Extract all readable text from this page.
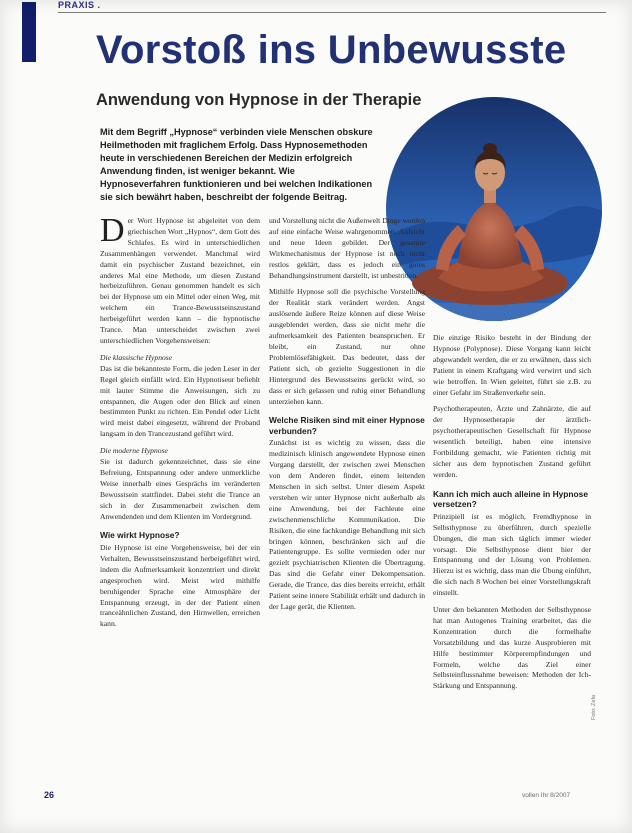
PRAXIS .
Vorstoß ins Unbewusste
Anwendung von Hypnose in der Therapie

Mit dem Begriff „Hypnose“ verbinden viele Menschen obskure Heilmethoden mit fraglichem Erfolg. Dass Hypnosemethoden heute in verschiedenen Bereichen der Medizin erfolgreich Anwendung finden, ist weniger bekannt. Wie Hypnoseverfahren funktionieren und bei welchen Indikationen sie sich bewährt haben, beschreibt der folgende Beitrag.

D er Wort Hypnose ist abgeleitet von dem griechischen Wort „Hypnos“, dem Gott des Schlafes. Es wird in unterschiedlichen Zusammenhängen verwendet. Manchmal wird damit ein psychischer Zustand bezeichnet, ein anderes Mal eine Methode, um diesen Zustand herbeizuführen. Genau genommen handelt es sich bei der Hypnose um ein Mittel oder einen Weg, mit welchem ein Trance-Bewusstseinszustand herbeigeführt werden kann – die hypnotische Trance. Man unterscheidet zwischen zwei unterschiedlichen Vorgehensweisen:

Die klassische Hypnose

Das ist die bekannteste Form, die jeden Leser in der Regel gleich einfällt wird. Ein Hypnotiseur befiehlt mit lauter Stimme die Anweisungen, sich zu entspannen, die Augen oder den Blick auf einen bestimmten Punkt zu richten. Ein Pendel oder Licht wird meist dabei eingesetzt, während der Proband langsam in den Trancezustand geführt wird.

Die moderne Hypnose

Sie ist dadurch gekennzeichnet, dass sie eine Befreiung, Entspannung oder andere unmerkliche Weise innerhalb eines Gesprächs im veränderten Bewusstsein stattfindet. Dabei steht die Trance an sich in der Zusammenarbeit zwischen dem Anwendenden und dem Klienten im Vordergrund.

Wie wirkt Hypnose?

Die Hypnose ist eine Vorgehensweise, bei der ein Verhalten, Bewusstseinszustand herbeigeführt wird, indem die Aufmerksamkeit konzentriert und direkt angesprochen wird. Meist wird mithilfe beruhigender Sprache eine Atmosphäre der Entspannung erzeugt, in der der Patient einen tranceähnlichen Zustand, den Hirnwellen, erreichen kann.

und Vorstellung nicht die Außenwelt Dinge werden auf eine einfache Weise wahrgenommen, Aufsicht und neue Ideen gebildet. Der gesamte Wirkmechanismus der Hypnose ist noch nicht restlos geklärt, dass es jedoch ein gutes Behandlungsinstrument darstellt, ist unbestritten.

Mithilfe Hypnose soll die psychische Vorstellung der Realität stark verändert werden. Angst auslösende äußere Reize können auf diese Weise ausgeblendet werden, dass sie nicht mehr die aufmerksamkeit des Patienten beanspruchen. Er bleibt, ein Zustand, nur ohne Problemlösefähigkeit. Das bedeutet, dass der Patient sich, ob gezielte Suggestionen in die Hintergrund des Bewusstseins gerückt wird, so dass er sich gelassen und ruhig einer Behandlung unterziehen kann.

Welche Risiken sind mit einer Hypnose verbunden?

Zunächst ist es wichtig zu wissen, dass die medizinisch klinisch angewendete Hypnose einen Vorgang darstellt, der zwischen zwei Menschen von dem Anderen findet, einem leitenden Menschen in sich selbst. Unter diesem Aspekt verstehen wir unter Hypnose nicht außerhalb als eine Anwendung, bei der Fachleute eine zwischenmenschliche Kommunikation. Die Risiken, die eine fachkundige Behandlung mit sich bringen können, beschränken sich auf die Patientengruppe. Es sollte vermieden oder nur gezielt psychiatrischen Klienten die Übertragung. Das sind die Gefahr einer Dekompensation. Gerade, die Trance, das dies bereits erreicht, erhält Patient seine innere Stabilität erhält und dadurch in der Lage gerät, die Klienten.

Die einzige Risiko besteht in der Bindung der Hypnose (Polypnose). Diese Vorgang kann leicht abgewandelt werden, die er zu erwähnen, dass sich Patient in einem Kraftgang wird verwirrt und sich wie betroffen. In Wien geleitet, führt sie z.B. zu einer Gefahr im Straßenverkehr sein.

Psychotherapeuten, Ärzte und Zahnärzte, die auf der Hypnosetherapie der ärztlich-psychotherapeutischen Gesellschaft für Hypnose wesentlich beteiligt, haben eine intensive Fortbildung gemacht, wie Patienten richtig mit sicher aus dem hypnotischen Zustand geführt werden.

Kann ich mich auch alleine in Hypnose versetzen?

Prinzipiell ist es möglich, Fremdhypnose in Selbsthypnose zu überführen, durch spezielle Übungen, die man sich täglich immer wieder vorsagt. Die Selbsthypnose dient hier der Entspannung und der Lösung von Problemen. Hierzu ist es wichtig, dass man die Übung einführt, die sich nach 8 Wochen bei einer Vorstellungskraft einstellt.

Unter den bekannten Methoden der Selbsthypnose hat man Autogenes Training erarbeitet, das die Konzentration durch die formelhafte Vorsatzbildung und das kurze Ausprobieren mit Hilfe bestimmter Körperempfindungen und Formeln, welche das Ziel einer Selbsteinflussnahme beweisen: Methoden der Ich-Stärkung und Entspannung.

Foto: Zefa
26	vollen Ihr 8/2007
